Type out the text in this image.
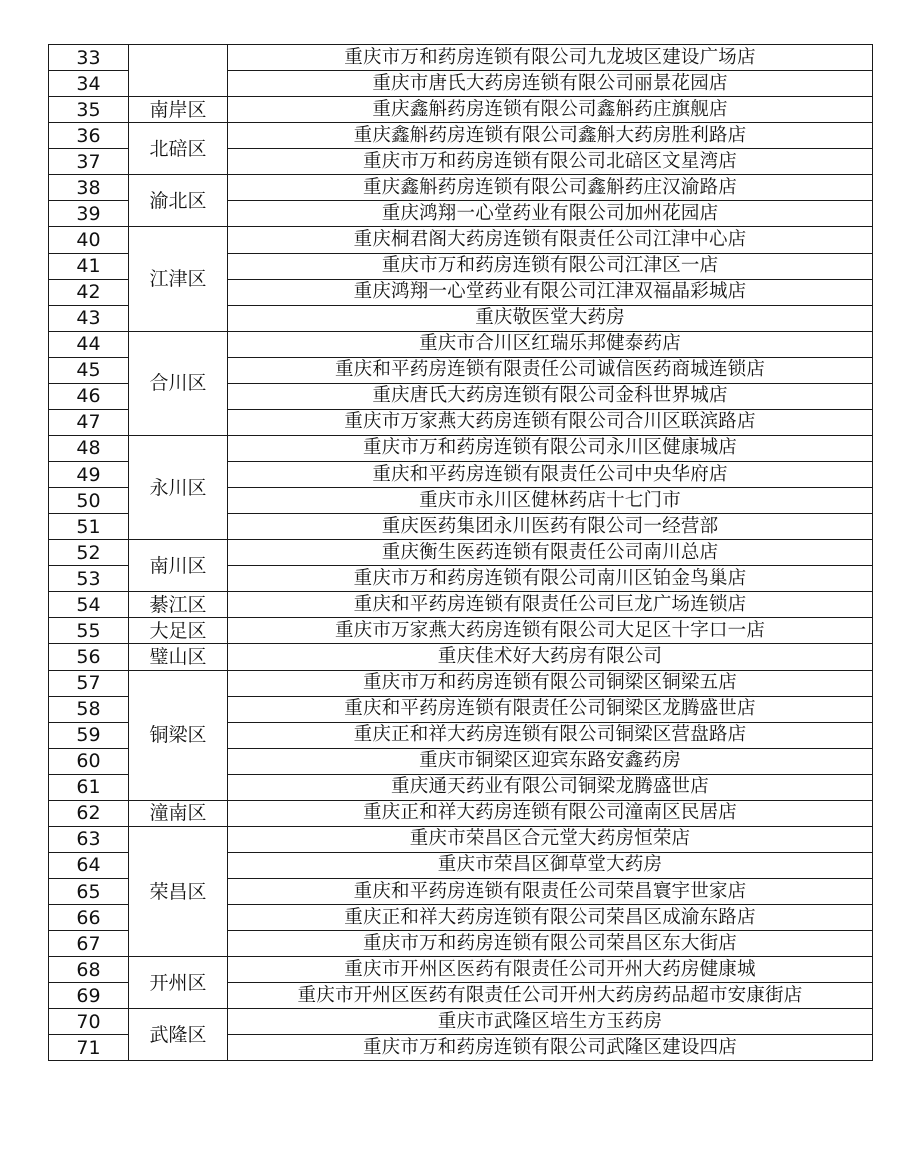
33		重庆市万和药房连锁有限公司九龙坡区建设广场店
34		重庆市唐氏大药房连锁有限公司丽景花园店
35	南岸区	重庆鑫斛药房连锁有限公司鑫斛药庄旗舰店
36	北碚区	重庆鑫斛药房连锁有限公司鑫斛大药房胜利路店
37		重庆市万和药房连锁有限公司北碚区文星湾店
38	渝北区	重庆鑫斛药房连锁有限公司鑫斛药庄汉渝路店
39		重庆鸿翔一心堂药业有限公司加州花园店
40	江津区	重庆桐君阁大药房连锁有限责任公司江津中心店
41		重庆市万和药房连锁有限公司江津区一店
42		重庆鸿翔一心堂药业有限公司江津双福晶彩城店
43		重庆敬医堂大药房
44	合川区	重庆市合川区红瑞乐邦健泰药店
45		重庆和平药房连锁有限责任公司诚信医药商城连锁店
46		重庆唐氏大药房连锁有限公司金科世界城店
47		重庆市万家燕大药房连锁有限公司合川区联滨路店
48	永川区	重庆市万和药房连锁有限公司永川区健康城店
49		重庆和平药房连锁有限责任公司中央华府店
50		重庆市永川区健林药店十七门市
51		重庆医药集团永川医药有限公司一经营部
52	南川区	重庆衡生医药连锁有限责任公司南川总店
53		重庆市万和药房连锁有限公司南川区铂金鸟巢店
54	綦江区	重庆和平药房连锁有限责任公司巨龙广场连锁店
55	大足区	重庆市万家燕大药房连锁有限公司大足区十字口一店
56	璧山区	重庆佳术好大药房有限公司
57	铜梁区	重庆市万和药房连锁有限公司铜梁区铜梁五店
58		重庆和平药房连锁有限责任公司铜梁区龙腾盛世店
59		重庆正和祥大药房连锁有限公司铜梁区营盘路店
60		重庆市铜梁区迎宾东路安鑫药房
61		重庆通天药业有限公司铜梁龙腾盛世店
62	潼南区	重庆正和祥大药房连锁有限公司潼南区民居店
63	荣昌区	重庆市荣昌区合元堂大药房恒荣店
64		重庆市荣昌区御草堂大药房
65		重庆和平药房连锁有限责任公司荣昌寰宇世家店
66		重庆正和祥大药房连锁有限公司荣昌区成渝东路店
67		重庆市万和药房连锁有限公司荣昌区东大街店
68	开州区	重庆市开州区医药有限责任公司开州大药房健康城
69		重庆市开州区医药有限责任公司开州大药房药品超市安康街店
70	武隆区	重庆市武隆区培生方玉药房
71		重庆市万和药房连锁有限公司武隆区建设四店
